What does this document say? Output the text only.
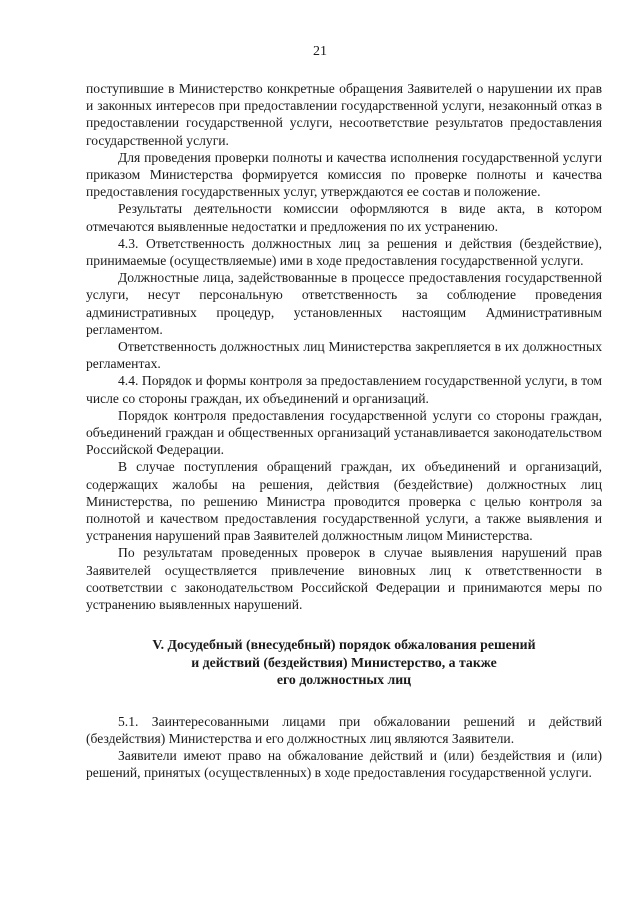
21

поступившие в Министерство конкретные обращения Заявителей о нарушении их прав и законных интересов при предоставлении государственной услуги, незаконный отказ в предоставлении государственной услуги, несоответствие результатов предоставления государственной услуги.

Для проведения проверки полноты и качества исполнения государственной услуги приказом Министерства формируется комиссия по проверке полноты и качества предоставления государственных услуг, утверждаются ее состав и положение.

Результаты деятельности комиссии оформляются в виде акта, в котором отмечаются выявленные недостатки и предложения по их устранению.

4.3. Ответственность должностных лиц за решения и действия (бездействие), принимаемые (осуществляемые) ими в ходе предоставления государственной услуги.

Должностные лица, задействованные в процессе предоставления государственной услуги, несут персональную ответственность за соблюдение проведения административных процедур, установленных настоящим Административным регламентом.

Ответственность должностных лиц Министерства закрепляется в их должностных регламентах.

4.4. Порядок и формы контроля за предоставлением государственной услуги, в том числе со стороны граждан, их объединений и организаций.

Порядок контроля предоставления государственной услуги со стороны граждан, объединений граждан и общественных организаций устанавливается законодательством Российской Федерации.

В случае поступления обращений граждан, их объединений и организаций, содержащих жалобы на решения, действия (бездействие) должностных лиц Министерства, по решению Министра проводится проверка с целью контроля за полнотой и качеством предоставления государственной услуги, а также выявления и устранения нарушений прав Заявителей должностным лицом Министерства.

По результатам проведенных проверок в случае выявления нарушений прав Заявителей осуществляется привлечение виновных лиц к ответственности в соответствии с законодательством Российской Федерации и принимаются меры по устранению выявленных нарушений.

V. Досудебный (внесудебный) порядок обжалования решений
и действий (бездействия) Министерство, а также
его должностных лиц

5.1. Заинтересованными лицами при обжаловании решений и действий (бездействия) Министерства и его должностных лиц являются Заявители.

Заявители имеют право на обжалование действий и (или) бездействия и (или) решений, принятых (осуществленных) в ходе предоставления государственной услуги.
